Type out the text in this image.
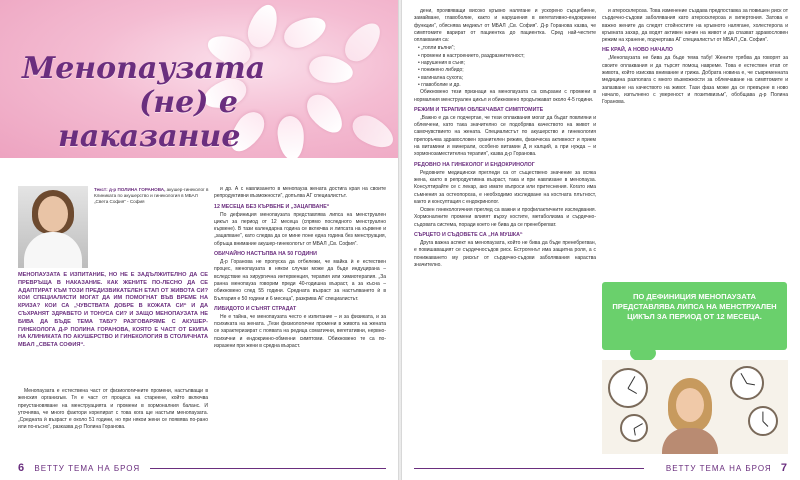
Менопаузата
(не) е
наказание
Текст: д-р ПОЛИНА ГОРАНОВА, акушер-гинеколог в Клиниката по акушерство и гинекология в МБАЛ „Света София“ - София
МЕНОПАУЗАТА Е ИЗПИТАНИЕ, НО НЕ Е ЗАДЪЛЖИТЕЛНО ДА СЕ ПРЕВРЪЩА В НАКАЗАНИЕ. КАК ЖЕНИТE ПО-ЛЕСНО ДА СЕ АДАПТИРАТ КЪМ ТОЗИ ПРЕДИЗВИКАТЕЛЕН ЕТАП ОТ ЖИВОТА СИ? КОИ СПЕЦИАЛИСТИ МОГАТ ДА ИМ ПОМОГНАТ ВЪВ ВРЕМЕ НА КРИЗА? КОИ СА „ЧУВСТВАТА ДОБРЕ В КОЖАТА СИ“ И ДА СЪХРАНЯТ ЗДРАВЕТО И ТОНУСА СИ? И ЗАЩО МЕНОПАУЗАТА НЕ БИВА ДА БЪДЕ ТЕМА ТАБУ? РАЗГОВАРЯМЕ С АКУШЕР-ГИНЕКОЛОГА Д-Р ПОЛИНА ГОРАНОВА, КОЯТО Е ЧАСТ ОТ ЕКИПА НА КЛИНИКАТА ПО АКУШЕРСТВО И ГИНЕКОЛОГИЯ В СТОЛИЧНАТА МБАЛ „СВЕТА СОФИЯ“.

Менопаузата е естествена част от физиологичните промени, настъпващи в женския организъм. Тя е част от процеса на стареене, който включва преустановяване на менструацията и промени в хормоналния баланс. И уточнява, че много фактори корелират с това кога ще настъпи менопаузата. „Средната ѝ възраст е около 51 години, но при някои жени се появява по-рано или по-късно“, разказва д-р Полина Горанова.

и др. А с навлизането в менопауза жената достига края на своите репродуктивни възможности“, допълва АГ специалистът.

12 МЕСЕЦА БЕЗ КЪРВЕНЕ И „ЗАЦАПВАНЕ“

По дефиниция менопаузата представлява липса на менструален цикъл за период от 12 месеца (спрямо последното менструално кървене). В тази календарна година се включва и липсата на кървене и „зацапване“, като следва да се мине поне една година без менструация, обръща внимание акушер-гинекологът от МБАЛ „Св. София“.

ОБИЧАЙНО НАСТЪПВА НА 50 ГОДИНИ

Д-р Горанова не пропуска да отбележи, че майка ѝ е естествен процес, менопаузата в някои случаи може да бъде индуцирана – вследствие на хирургична интервенция, терапия или химиотерапия. „За ранна менопауза говорим преди 40-годишна възраст, а за късна – обикновено след 55 години. Средната възраст за настъпването ѝ в България е 50 години и 6 месеца“, разкрива АГ специалистът.

ЛИБИДОТО И СЪНЯТ СТРАДАТ

Не е тайна, че менопаузата често е изпитание – и за физиката, и за психиката на жената. „Тези физиологични промени в живота на жената се характеризират с появата на редица соматични, вегетативни, нервно-психични и ендокринно-обменни симптоми. Обикновено те са по-изразени при жени в средна възраст.

6 ВЕТТУ ТЕМА НА БРОЯ

дени, проявяващи високо кръвно налягане и ускорено сърцебиене, замайване, главоболие, както и нарушения в вегетативно-ендокринни функции“, обяснява медикът от МБАЛ „Св. София“. Д-р Горанова казва, че симптомите варират от пациентка до пациентка. Сред най-честите оплаквания са:

• „топли вълни“;
• промени в настроението, раздразнителност;
• нарушения в съня;
• понижено либидо;
• вагинална сухота;
• главоболие и др.

Обикновено тези признаци на менопаузата са свързани с промени в нормалния менструален цикъл и обикновено продължават около 4-5 години.

РЕЖИМ И ТЕРАПИИ ОБЛЕКЧАВАТ СИМПТОМИТЕ

„Важно е да се подчертае, че тези оплаквания могат да бъдат повлияни и облекчени, като така значително се подобрява качеството на живот и самочувствието на жената. Специалистът по акушерство и гинекология препоръчва здравословен хранителен режим, физическа активност и прием на витамини и минерали, особено витамин Д и калций, а при нужда – и хормонозаместителна терапия“, казва д-р Горанова.

РЕДОВНО НА ГИНЕКОЛОГ И ЕНДОКРИНОЛОГ

Редовните медицински прегледи са от съществено значение за всяка жена, както в репродуктивна възраст, така и при навлизане в менопауза. Консултирайте се с лекар, ако имате въпроси или притеснения. Когато има съмнения за остеопороза, е необходимо изследване на костната плътност, както и консултация с ендокринолог.

Освен гинекологичния преглед са важни и профилактичните изследвания. Хормоналните промени влияят върху костите, метаболизма и сърдечно-съдовата система, поради което не бива да се пренебрегват.

СЪРЦЕТО И СЪДОВЕТЕ СА „НА МУШКА“

Друга важна аспект на менопаузата, който не бива да бъде пренебрегван, е повишаващият се сърдечносъдов риск. Естрогенът има защитна роля, а с понижаването му рискът от сърдечно-съдови заболявания нараства значително.

и атеросклероза. Това изменение създава предпоставка за повишен риск от сърдечно-съдови заболявания като атеросклероза и хипертония. Затова е важно жените да следят стойностите на кръвното налягане, холестерола и кръвната захар, да водят активен начин на живот и да спазват здравословен режим на хранене, подчертава АГ специалистът от МБАЛ „Св. София“.

НЕ КРАЙ, А НОВО НАЧАЛО

„Менопаузата не бива да бъде тема табу! Жените трябва да говорят за своите оплаквания и да търсят помощ навреме. Това е естествен етап от живота, който изисква внимание и грижа. Добрата новина е, че съвременната медицина разполага с много възможности за облекчаване на симптомите и запазване на качеството на живот. Тази фаза може да се превърне в ново начало, изпълнено с увереност и позитивизъм“, обобщава д-р Полина Горанова.

ПО ДЕФИНИЦИЯ МЕНОПАУЗАТА ПРЕДСТАВЛЯВА ЛИПСА НА МЕНСТРУАЛЕН ЦИКЪЛ ЗА ПЕРИОД ОТ 12 МЕСЕЦА.
ВЕТТУ ТЕМА НА БРОЯ 7
